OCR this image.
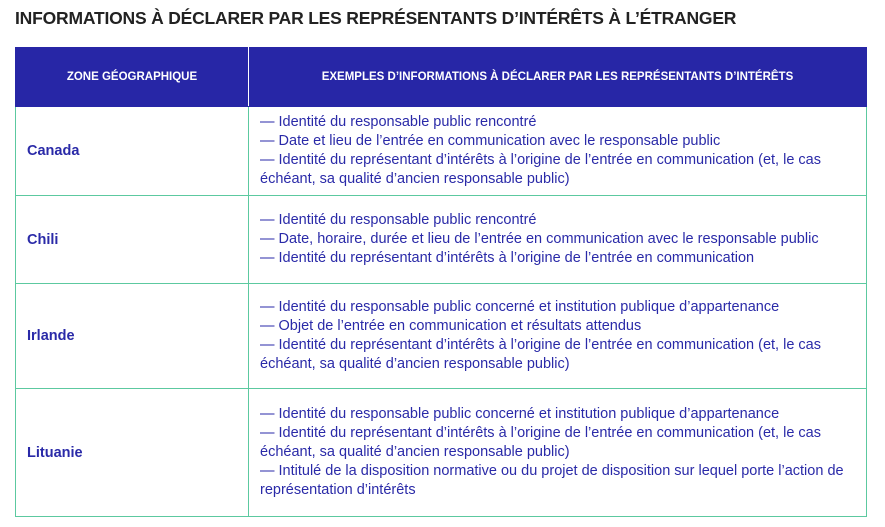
INFORMATIONS À DÉCLARER PAR LES REPRÉSENTANTS D’INTÉRÊTS À L’ÉTRANGER
ZONE GÉOGRAPHIQUE	EXEMPLES D’INFORMATIONS À DÉCLARER PAR LES REPRÉSENTANTS D’INTÉRÊTS
Canada	— Identité du responsable public rencontré
— Date et lieu de l’entrée en communication avec le responsable public
— Identité du représentant d’intérêts à l’origine de l’entrée en communication (et, le cas échéant, sa qualité d’ancien responsable public)

Chili	— Identité du responsable public rencontré
— Date, horaire, durée et lieu de l’entrée en communication avec le responsable public
— Identité du représentant d’intérêts à l’origine de l’entrée en communication

Irlande	— Identité du responsable public concerné et institution publique d’appartenance
— Objet de l’entrée en communication et résultats attendus
— Identité du représentant d’intérêts à l’origine de l’entrée en communication (et, le cas échéant, sa qualité d’ancien responsable public)

Lituanie	— Identité du responsable public concerné et institution publique d’appartenance
— Identité du représentant d’intérêts à l’origine de l’entrée en communication (et, le cas échéant, sa qualité d’ancien responsable public)
— Intitulé de la disposition normative ou du projet de disposition sur lequel porte l’action de représentation d’intérêts
